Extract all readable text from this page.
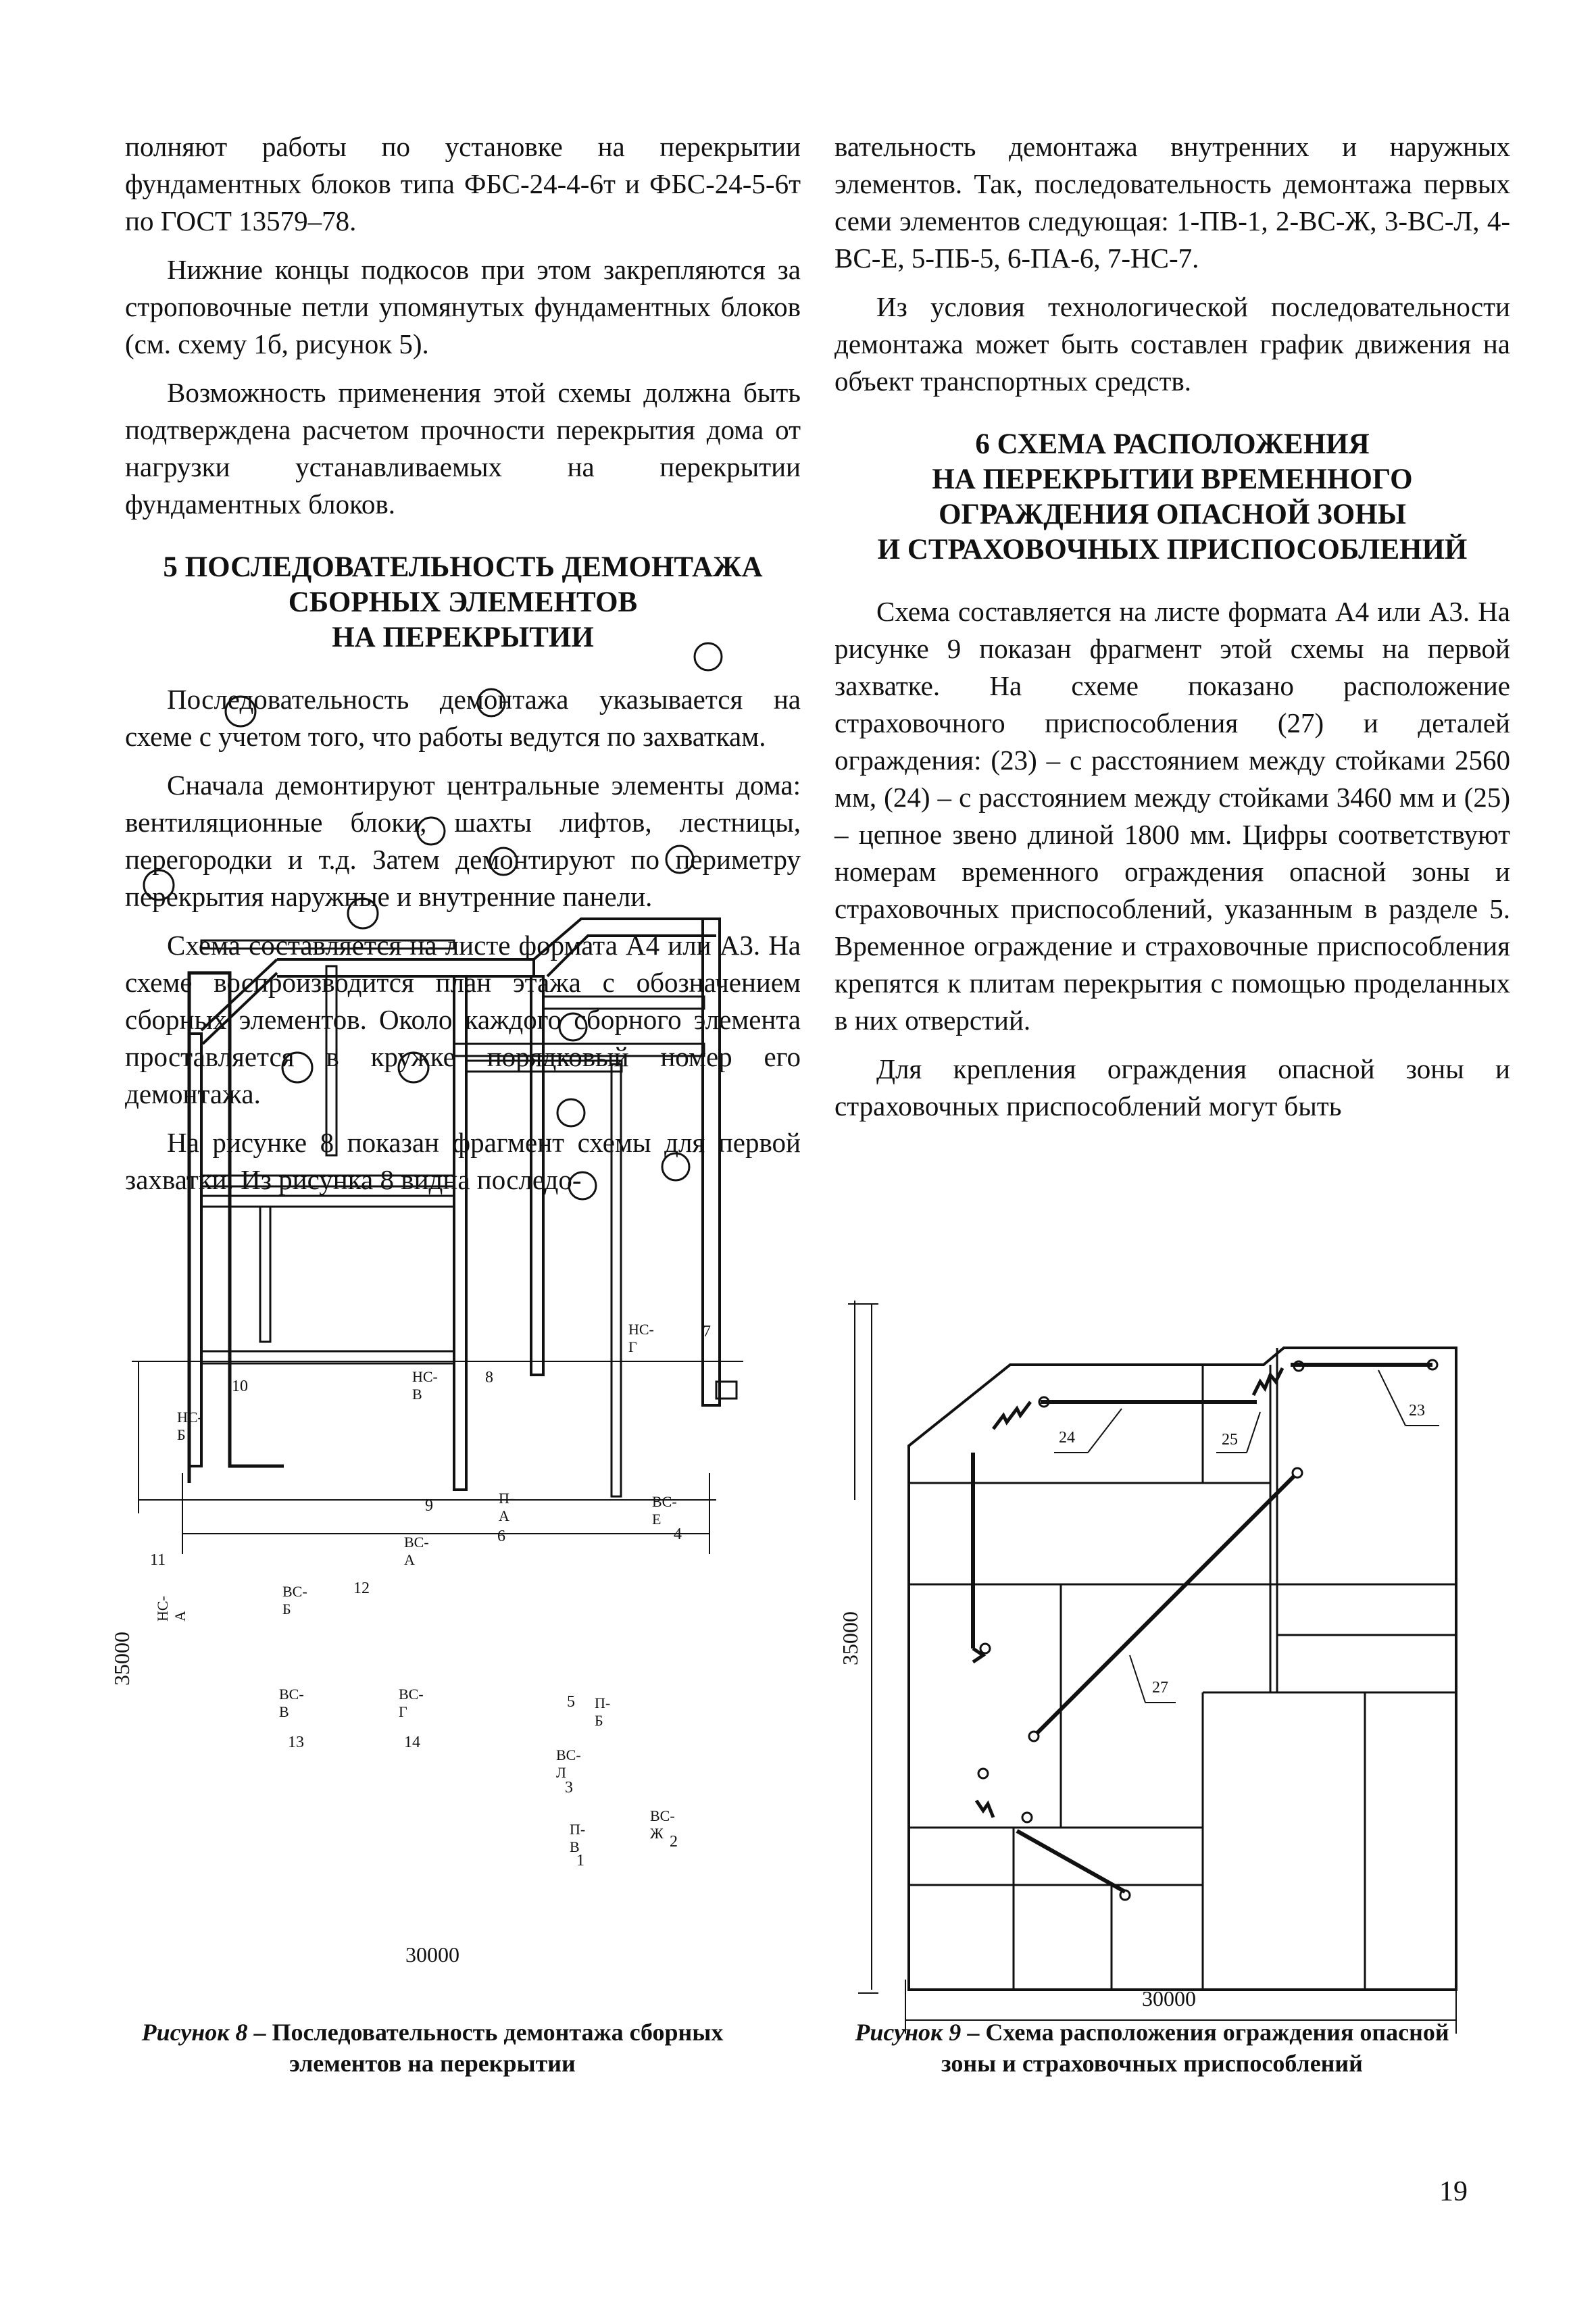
полняют работы по установке на перекрытии фундаментных блоков типа ФБС-24-4-6т и ФБС-24-5-6т по ГОСТ 13579–78.

Нижние концы подкосов при этом закрепляются за строповочные петли упомянутых фундаментных блоков (см. схему 1б, рисунок 5).

Возможность применения этой схемы должна быть подтверждена расчетом прочности перекрытия дома от нагрузки устанавливаемых на перекрытии фундаментных блоков.

5 ПОСЛЕДОВАТЕЛЬНОСТЬ ДЕМОНТАЖА
СБОРНЫХ ЭЛЕМЕНТОВ
НА ПЕРЕКРЫТИИ

Последовательность демонтажа указывается на схеме с учетом того, что работы ведутся по захваткам.

Сначала демонтируют центральные элементы дома: вентиляционные блоки, шахты лифтов, лестницы, перегородки и т.д. Затем демонтируют по периметру перекрытия наружные и внутренние панели.

Схема составляется на листе формата А4 или А3. На схеме воспроизводится план этажа с обозначением сборных элементов. Около каждого сборного элемента проставляется в кружке порядковый номер его демонтажа.

На рисунке 8 показан фрагмент схемы для первой захватки. Из рисунка 8 видна последо-

вательность демонтажа внутренних и наружных элементов. Так, последовательность демонтажа первых семи элементов следующая: 1-ПВ-1, 2-ВС-Ж, 3-ВС-Л, 4-ВС-Е, 5-ПБ-5, 6-ПА-6, 7-НС-7.

Из условия технологической последовательности демонтажа может быть составлен график движения на объект транспортных средств.

6 СХЕМА РАСПОЛОЖЕНИЯ
НА ПЕРЕКРЫТИИ ВРЕМЕННОГО
ОГРАЖДЕНИЯ ОПАСНОЙ ЗОНЫ
И СТРАХОВОЧНЫХ ПРИСПОСОБЛЕНИЙ

Схема составляется на листе формата А4 или А3. На рисунке 9 показан фрагмент этой схемы на первой захватке. На схеме показано расположение страховочного приспособления (27) и деталей ограждения: (23) – с расстоянием между стойками 2560 мм, (24) – с расстоянием между стойками 3460 мм и (25) – цепное звено длиной 1800 мм. Цифры соответствуют номерам временного ограждения опасной зоны и страховочных приспособлений, указанным в разделе 5. Временное ограждение и страховочные приспособления крепятся к плитам перекрытия с помощью проделанных в них отверстий.

Для крепления ограждения опасной зоны и страховочных приспособлений могут быть

НС-Г
НС-В
НС-Б
НС-А
П-А
ВС-Е
ВС-А
ВС-Б
ВС-В
ВС-Г
П-Б
ВС-Л
П-В
ВС-Ж
7
8
10
11
9
6	4
12
5
13	14
3
2
1
30000
35000
Рисунок 8 – Последовательность демонтажа сборных элементов на перекрытии
24	25
23
27
30000
35000
Рисунок 9 – Схема расположения ограждения опасной зоны и страховочных приспособлений
19
